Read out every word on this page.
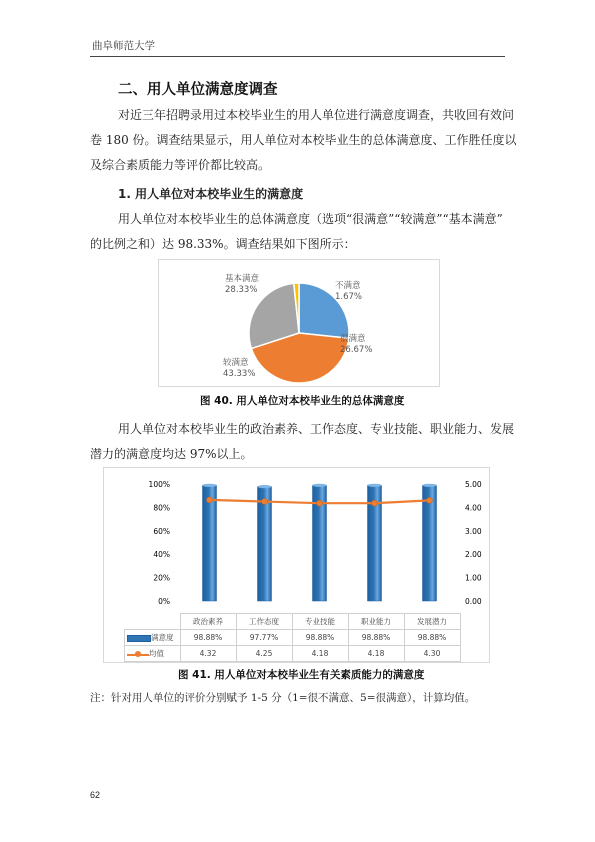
曲阜师范大学
二、用人单位满意度调查
对近三年招聘录用过本校毕业生的用人单位进行满意度调查，共收回有效问
卷 180 份。调查结果显示，用人单位对本校毕业生的总体满意度、工作胜任度以
及综合素质能力等评价都比较高。
1. 用人单位对本校毕业生的满意度
用人单位对本校毕业生的总体满意度（选项“很满意”“较满意”“基本满意”
的比例之和）达 98.33%。调查结果如下图所示：
基本满意
28.33%	不满意
1.67%
很满意
26.67%
较满意
43.33%
图 40. 用人单位对本校毕业生的总体满意度
用人单位对本校毕业生的政治素养、工作态度、专业技能、职业能力、发展
潜力的满意度均达 97%以上。
100%
80%
60%
40%
20%
0%
5.00
4.00
3.00
2.00
1.00
0.00
	政治素养	工作态度	专业技能	职业能力	发展潜力
满意度	98.88%	97.77%	98.88%	98.88%	98.88%

均值	4.32	4.25	4.18	4.18	4.30
图 41. 用人单位对本校毕业生有关素质能力的满意度
注：针对用人单位的评价分别赋予 1-5 分（1=很不满意、5=很满意），计算均值。
62
